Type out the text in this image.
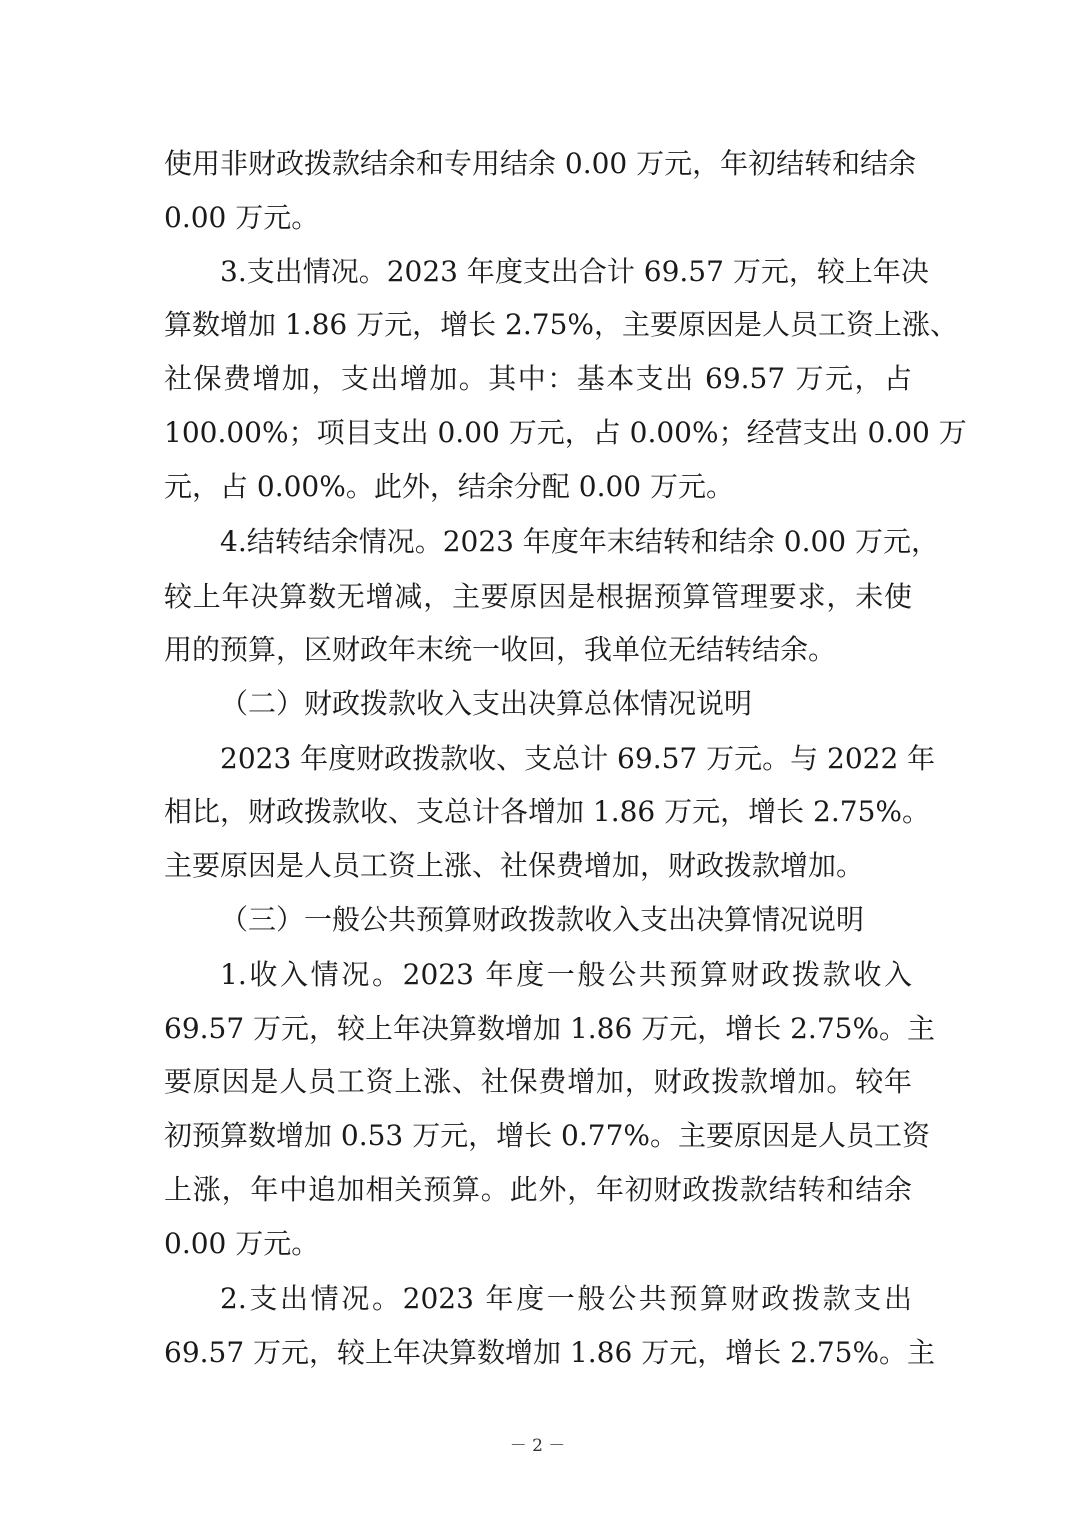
使用非财政拨款结余和专用结余 0.00 万元，年初结转和结余
0.00 万元。
3.支出情况。2023 年度支出合计 69.57 万元，较上年决
算数增加 1.86 万元，增长 2.75%，主要原因是人员工资上涨、
社保费增加，支出增加。其中：基本支出 69.57 万元，占
100.00%；项目支出 0.00 万元，占 0.00%；经营支出 0.00 万
元，占 0.00%。此外，结余分配 0.00 万元。
4.结转结余情况。2023 年度年末结转和结余 0.00 万元，
较上年决算数无增减，主要原因是根据预算管理要求，未使
用的预算，区财政年末统一收回，我单位无结转结余。
（二）财政拨款收入支出决算总体情况说明
2023 年度财政拨款收、支总计 69.57 万元。与 2022 年
相比，财政拨款收、支总计各增加 1.86 万元，增长 2.75%。
主要原因是人员工资上涨、社保费增加，财政拨款增加。
（三）一般公共预算财政拨款收入支出决算情况说明
1.收入情况。2023 年度一般公共预算财政拨款收入
69.57 万元，较上年决算数增加 1.86 万元，增长 2.75%。主
要原因是人员工资上涨、社保费增加，财政拨款增加。较年
初预算数增加 0.53 万元，增长 0.77%。主要原因是人员工资
上涨，年中追加相关预算。此外，年初财政拨款结转和结余
0.00 万元。
2.支出情况。2023 年度一般公共预算财政拨款支出
69.57 万元，较上年决算数增加 1.86 万元，增长 2.75%。主
－ 2 －
